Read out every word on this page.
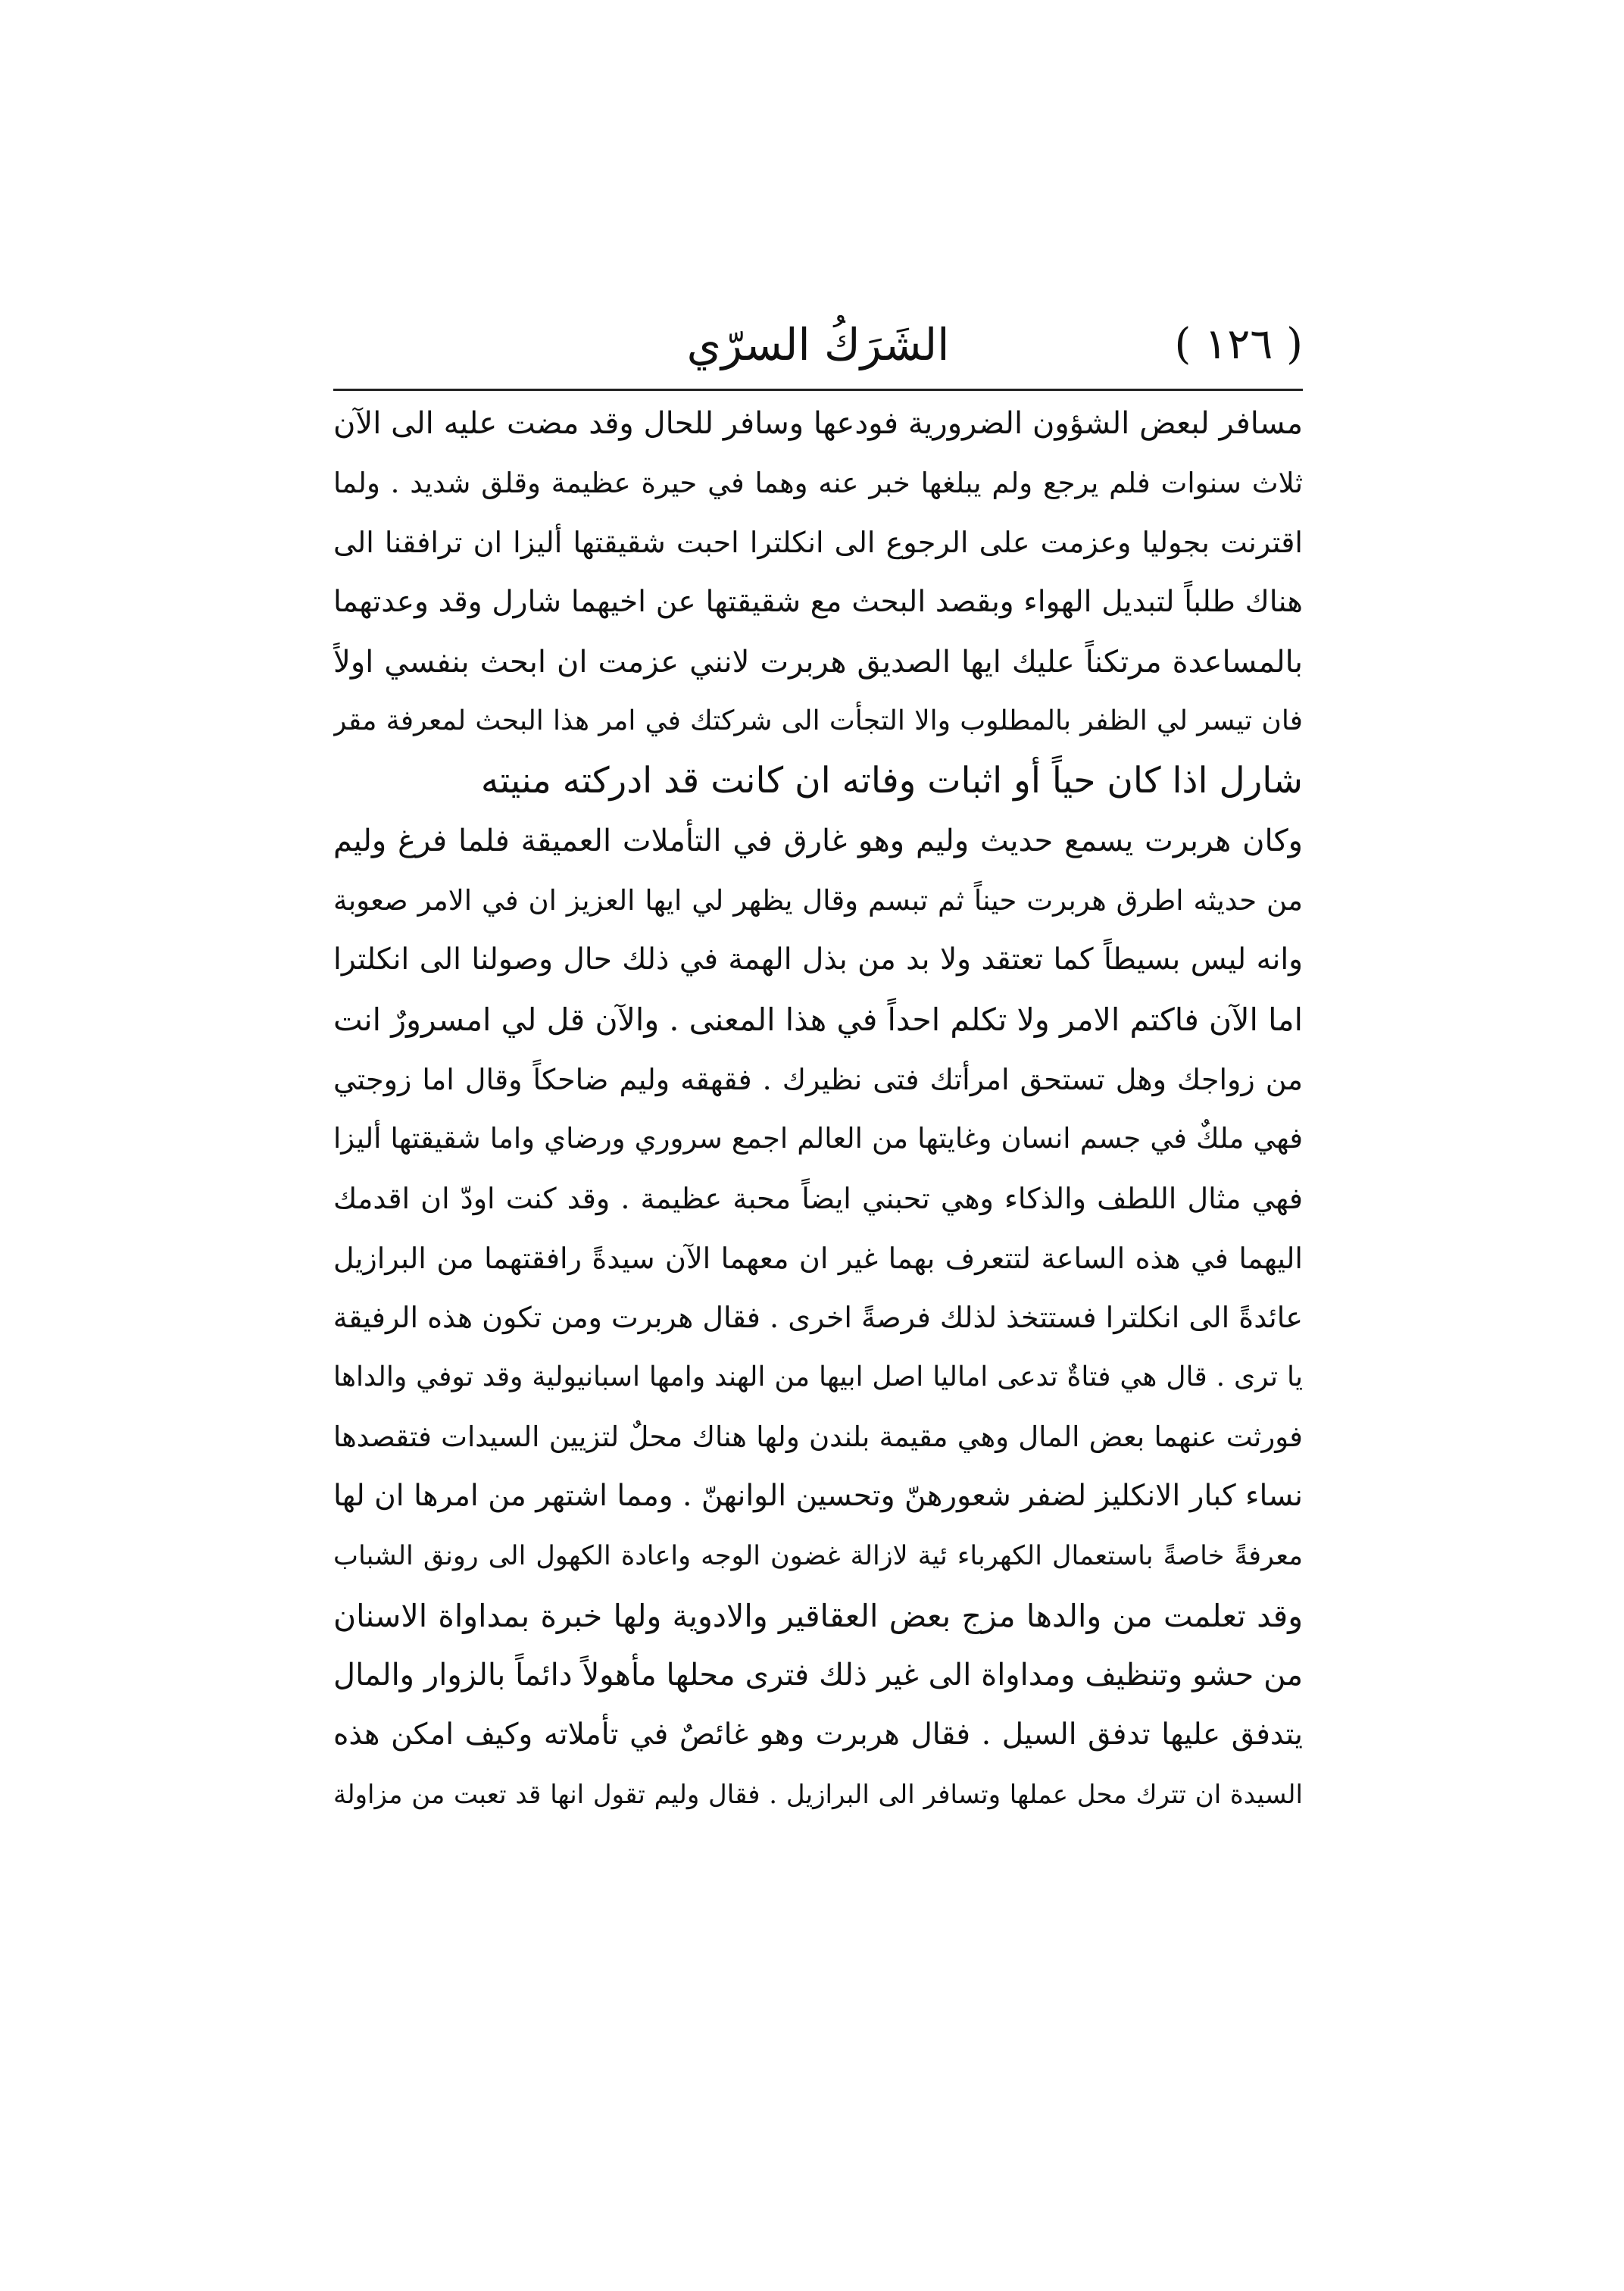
( ١٢٦ )
الشَرَكُ السرّي
مسافر لبعض الشؤون الضرورية فودعها وسافر للحال وقد مضت عليه الى الآن
ثلاث سنوات فلم يرجع ولم يبلغها خبر عنه وهما في حيرة عظيمة وقلق شديد . ولما
اقترنت بجوليا وعزمت على الرجوع الى انكلترا احبت شقيقتها أليزا ان ترافقنا الى
هناك طلباً لتبديل الهواء وبقصد البحث مع شقيقتها عن اخيهما شارل وقد وعدتهما
بالمساعدة مرتكناً عليك ايها الصديق هربرت لانني عزمت ان ابحث بنفسي اولاً
فان تيسر لي الظفر بالمطلوب والا التجأت الى شركتك في امر هذا البحث لمعرفة مقر
شارل اذا كان حياً أو اثبات وفاته ان كانت قد ادركته منيته
وكان هربرت يسمع حديث وليم وهو غارق في التأملات العميقة فلما فرغ وليم
من حديثه اطرق هربرت حيناً ثم تبسم وقال يظهر لي ايها العزيز ان في الامر صعوبة
وانه ليس بسيطاً كما تعتقد ولا بد من بذل الهمة في ذلك حال وصولنا الى انكلترا
اما الآن فاكتم الامر ولا تكلم احداً في هذا المعنى . والآن قل لي امسرورٌ انت
من زواجك وهل تستحق امرأتك فتى نظيرك . فقهقه وليم ضاحكاً وقال اما زوجتي
فهي ملكٌ في جسم انسان وغايتها من العالم اجمع سروري ورضاي واما شقيقتها أليزا
فهي مثال اللطف والذكاء وهي تحبني ايضاً محبة عظيمة . وقد كنت اودّ ان اقدمك
اليهما في هذه الساعة لتتعرف بهما غير ان معهما الآن سيدةً رافقتهما من البرازيل
عائدةً الى انكلترا فستتخذ لذلك فرصةً اخرى . فقال هربرت ومن تكون هذه الرفيقة
يا ترى . قال هي فتاةٌ تدعى اماليا اصل ابيها من الهند وامها اسبانيولية وقد توفي والداها
فورثت عنهما بعض المال وهي مقيمة بلندن ولها هناك محلٌ لتزيين السيدات فتقصدها
نساء كبار الانكليز لضفر شعورهنّ وتحسين الوانهنّ . ومما اشتهر من امرها ان لها
معرفةً خاصةً باستعمال الكهرباء ئية لازالة غضون الوجه واعادة الكهول الى رونق الشباب
وقد تعلمت من والدها مزج بعض العقاقير والادوية ولها خبرة بمداواة الاسنان
من حشو وتنظيف ومداواة الى غير ذلك فترى محلها مأهولاً دائماً بالزوار والمال
يتدفق عليها تدفق السيل . فقال هربرت وهو غائصٌ في تأملاته وكيف امكن هذه
السيدة ان تترك محل عملها وتسافر الى البرازيل . فقال وليم تقول انها قد تعبت من مزاولة
